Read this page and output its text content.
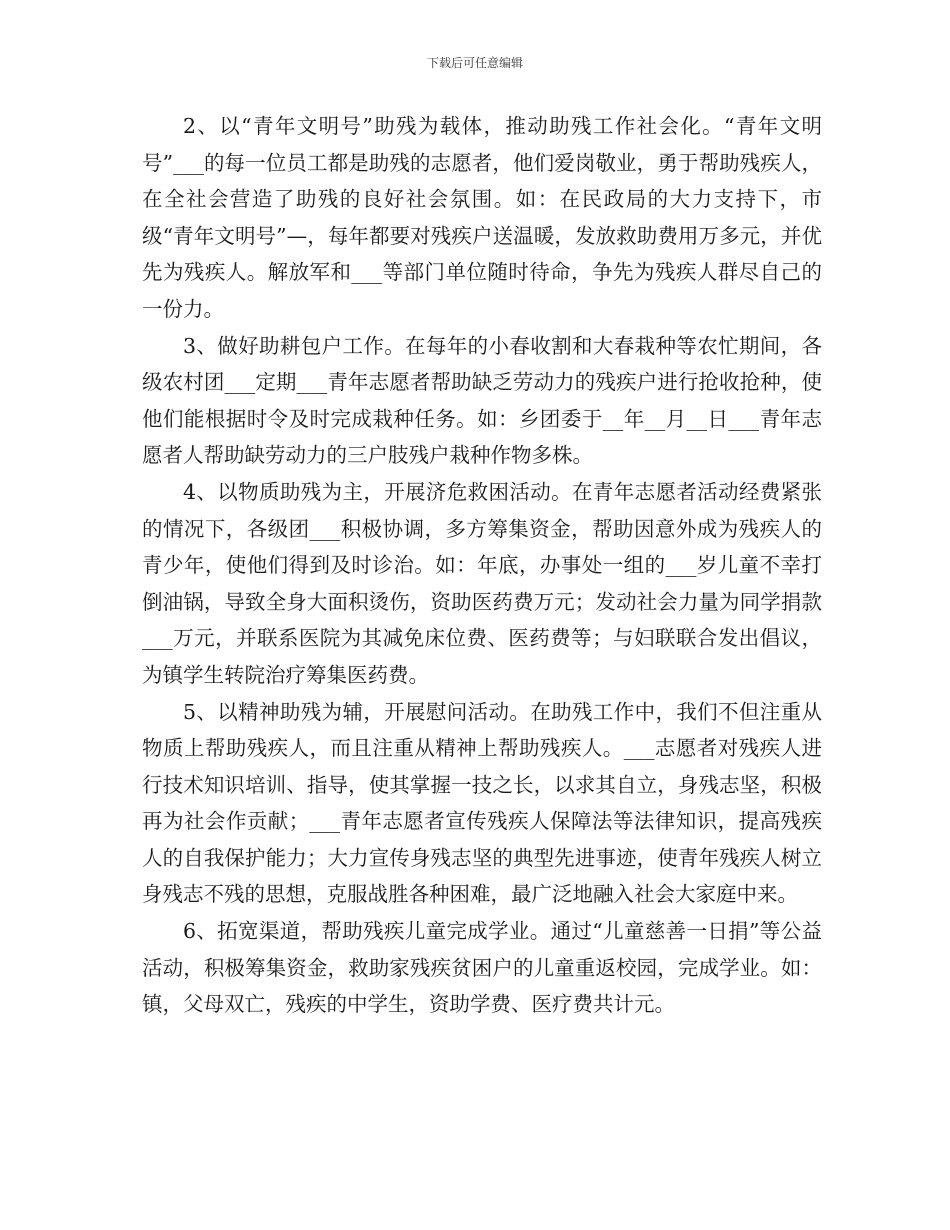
下载后可任意编辑

2、以“青年文明号”助残为载体，推动助残工作社会化。“青年文明号”___的每一位员工都是助残的志愿者，他们爱岗敬业，勇于帮助残疾人，在全社会营造了助残的良好社会氛围。如：在民政局的大力支持下，市级“青年文明号”—，每年都要对残疾户送温暖，发放救助费用万多元，并优先为残疾人。解放军和___等部门单位随时待命，争先为残疾人群尽自己的一份力。

3、做好助耕包户工作。在每年的小春收割和大春栽种等农忙期间，各级农村团___定期___青年志愿者帮助缺乏劳动力的残疾户进行抢收抢种，使他们能根据时令及时完成栽种任务。如：乡团委于__年__月__日___青年志愿者人帮助缺劳动力的三户肢残户栽种作物多株。

4、以物质助残为主，开展济危救困活动。在青年志愿者活动经费紧张的情况下，各级团___积极协调，多方筹集资金，帮助因意外成为残疾人的青少年，使他们得到及时诊治。如：年底，办事处一组的___岁儿童不幸打倒油锅，导致全身大面积烫伤，资助医药费万元；发动社会力量为同学捐款___万元，并联系医院为其减免床位费、医药费等；与妇联联合发出倡议，为镇学生转院治疗筹集医药费。

5、以精神助残为辅，开展慰问活动。在助残工作中，我们不但注重从物质上帮助残疾人，而且注重从精神上帮助残疾人。___志愿者对残疾人进行技术知识培训、指导，使其掌握一技之长，以求其自立，身残志坚，积极再为社会作贡献；___青年志愿者宣传残疾人保障法等法律知识，提高残疾人的自我保护能力；大力宣传身残志坚的典型先进事迹，使青年残疾人树立身残志不残的思想，克服战胜各种困难，最广泛地融入社会大家庭中来。

6、拓宽渠道，帮助残疾儿童完成学业。通过“儿童慈善一日捐”等公益活动，积极筹集资金，救助家残疾贫困户的儿童重返校园，完成学业。如：镇，父母双亡，残疾的中学生，资助学费、医疗费共计元。
